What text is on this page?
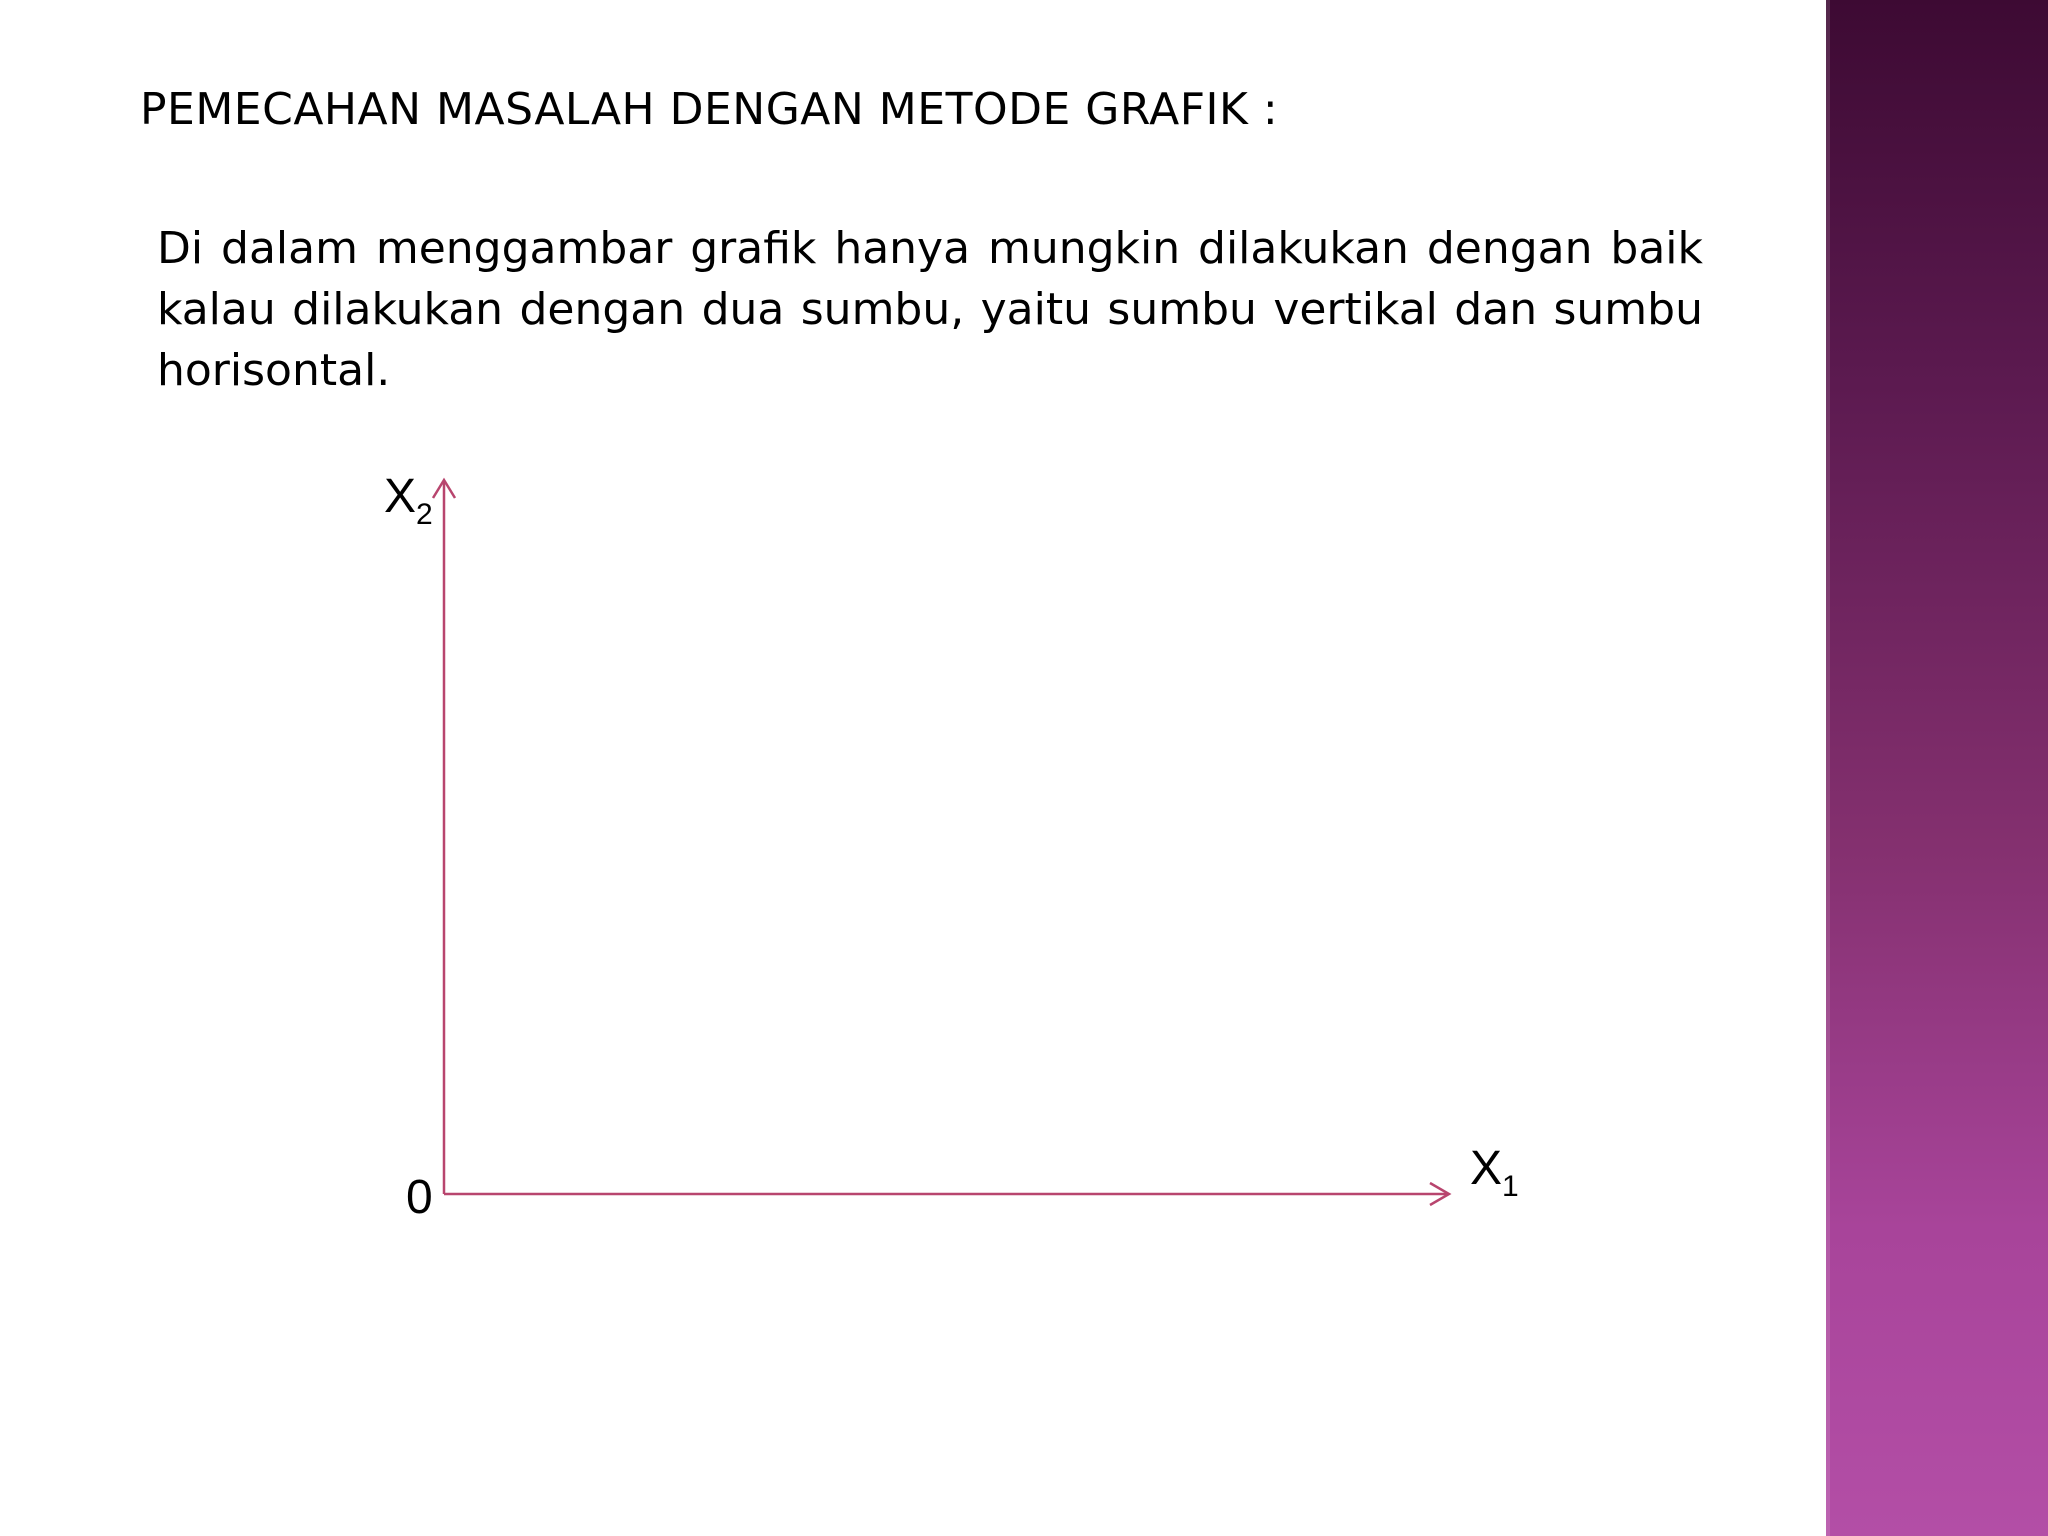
PEMECAHAN MASALAH DENGAN METODE GRAFIK :

Di dalam menggambar grafik hanya mungkin dilakukan dengan baik kalau dilakukan dengan dua sumbu, yaitu sumbu vertikal dan sumbu horisontal.

X2
X1
0
